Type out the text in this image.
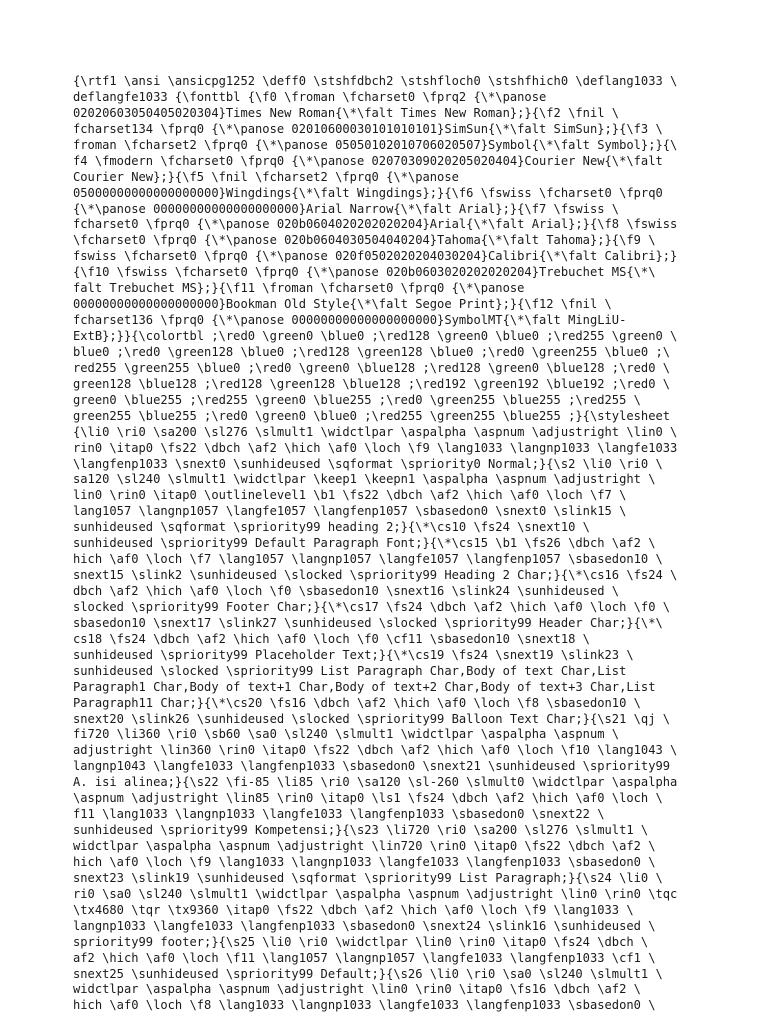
{\rtf1 \ansi \ansicpg1252 \deff0 \stshfdbch2 \stshfloch0 \stshfhich0 \deflang1033 \
deflangfe1033 {\fonttbl {\f0 \froman \fcharset0 \fprq2 {\*\panose
02020603050405020304}Times New Roman{\*\falt Times New Roman};}{\f2 \fnil \
fcharset134 \fprq0 {\*\panose 02010600030101010101}SimSun{\*\falt SimSun};}{\f3 \
froman \fcharset2 \fprq0 {\*\panose 05050102010706020507}Symbol{\*\falt Symbol};}{\
f4 \fmodern \fcharset0 \fprq0 {\*\panose 02070309020205020404}Courier New{\*\falt
Courier New};}{\f5 \fnil \fcharset2 \fprq0 {\*\panose
05000000000000000000}Wingdings{\*\falt Wingdings};}{\f6 \fswiss \fcharset0 \fprq0
{\*\panose 00000000000000000000}Arial Narrow{\*\falt Arial};}{\f7 \fswiss \
fcharset0 \fprq0 {\*\panose 020b0604020202020204}Arial{\*\falt Arial};}{\f8 \fswiss
\fcharset0 \fprq0 {\*\panose 020b0604030504040204}Tahoma{\*\falt Tahoma};}{\f9 \
fswiss \fcharset0 \fprq0 {\*\panose 020f0502020204030204}Calibri{\*\falt Calibri};}
{\f10 \fswiss \fcharset0 \fprq0 {\*\panose 020b0603020202020204}Trebuchet MS{\*\
falt Trebuchet MS};}{\f11 \froman \fcharset0 \fprq0 {\*\panose
00000000000000000000}Bookman Old Style{\*\falt Segoe Print};}{\f12 \fnil \
fcharset136 \fprq0 {\*\panose 00000000000000000000}SymbolMT{\*\falt MingLiU-
ExtB};}}{\colortbl ;\red0 \green0 \blue0 ;\red128 \green0 \blue0 ;\red255 \green0 \
blue0 ;\red0 \green128 \blue0 ;\red128 \green128 \blue0 ;\red0 \green255 \blue0 ;\
red255 \green255 \blue0 ;\red0 \green0 \blue128 ;\red128 \green0 \blue128 ;\red0 \
green128 \blue128 ;\red128 \green128 \blue128 ;\red192 \green192 \blue192 ;\red0 \
green0 \blue255 ;\red255 \green0 \blue255 ;\red0 \green255 \blue255 ;\red255 \
green255 \blue255 ;\red0 \green0 \blue0 ;\red255 \green255 \blue255 ;}{\stylesheet
{\li0 \ri0 \sa200 \sl276 \slmult1 \widctlpar \aspalpha \aspnum \adjustright \lin0 \
rin0 \itap0 \fs22 \dbch \af2 \hich \af0 \loch \f9 \lang1033 \langnp1033 \langfe1033
\langfenp1033 \snext0 \sunhideused \sqformat \spriority0 Normal;}{\s2 \li0 \ri0 \
sa120 \sl240 \slmult1 \widctlpar \keep1 \keepn1 \aspalpha \aspnum \adjustright \
lin0 \rin0 \itap0 \outlinelevel1 \b1 \fs22 \dbch \af2 \hich \af0 \loch \f7 \
lang1057 \langnp1057 \langfe1057 \langfenp1057 \sbasedon0 \snext0 \slink15 \
sunhideused \sqformat \spriority99 heading 2;}{\*\cs10 \fs24 \snext10 \
sunhideused \spriority99 Default Paragraph Font;}{\*\cs15 \b1 \fs26 \dbch \af2 \
hich \af0 \loch \f7 \lang1057 \langnp1057 \langfe1057 \langfenp1057 \sbasedon10 \
snext15 \slink2 \sunhideused \slocked \spriority99 Heading 2 Char;}{\*\cs16 \fs24 \
dbch \af2 \hich \af0 \loch \f0 \sbasedon10 \snext16 \slink24 \sunhideused \
slocked \spriority99 Footer Char;}{\*\cs17 \fs24 \dbch \af2 \hich \af0 \loch \f0 \
sbasedon10 \snext17 \slink27 \sunhideused \slocked \spriority99 Header Char;}{\*\
cs18 \fs24 \dbch \af2 \hich \af0 \loch \f0 \cf11 \sbasedon10 \snext18 \
sunhideused \spriority99 Placeholder Text;}{\*\cs19 \fs24 \snext19 \slink23 \
sunhideused \slocked \spriority99 List Paragraph Char,Body of text Char,List
Paragraph1 Char,Body of text+1 Char,Body of text+2 Char,Body of text+3 Char,List
Paragraph11 Char;}{\*\cs20 \fs16 \dbch \af2 \hich \af0 \loch \f8 \sbasedon10 \
snext20 \slink26 \sunhideused \slocked \spriority99 Balloon Text Char;}{\s21 \qj \
fi720 \li360 \ri0 \sb60 \sa0 \sl240 \slmult1 \widctlpar \aspalpha \aspnum \
adjustright \lin360 \rin0 \itap0 \fs22 \dbch \af2 \hich \af0 \loch \f10 \lang1043 \
langnp1043 \langfe1033 \langfenp1033 \sbasedon0 \snext21 \sunhideused \spriority99
A. isi alinea;}{\s22 \fi-85 \li85 \ri0 \sa120 \sl-260 \slmult0 \widctlpar \aspalpha
\aspnum \adjustright \lin85 \rin0 \itap0 \ls1 \fs24 \dbch \af2 \hich \af0 \loch \
f11 \lang1033 \langnp1033 \langfe1033 \langfenp1033 \sbasedon0 \snext22 \
sunhideused \spriority99 Kompetensi;}{\s23 \li720 \ri0 \sa200 \sl276 \slmult1 \
widctlpar \aspalpha \aspnum \adjustright \lin720 \rin0 \itap0 \fs22 \dbch \af2 \
hich \af0 \loch \f9 \lang1033 \langnp1033 \langfe1033 \langfenp1033 \sbasedon0 \
snext23 \slink19 \sunhideused \sqformat \spriority99 List Paragraph;}{\s24 \li0 \
ri0 \sa0 \sl240 \slmult1 \widctlpar \aspalpha \aspnum \adjustright \lin0 \rin0 \tqc
\tx4680 \tqr \tx9360 \itap0 \fs22 \dbch \af2 \hich \af0 \loch \f9 \lang1033 \
langnp1033 \langfe1033 \langfenp1033 \sbasedon0 \snext24 \slink16 \sunhideused \
spriority99 footer;}{\s25 \li0 \ri0 \widctlpar \lin0 \rin0 \itap0 \fs24 \dbch \
af2 \hich \af0 \loch \f11 \lang1057 \langnp1057 \langfe1033 \langfenp1033 \cf1 \
snext25 \sunhideused \spriority99 Default;}{\s26 \li0 \ri0 \sa0 \sl240 \slmult1 \
widctlpar \aspalpha \aspnum \adjustright \lin0 \rin0 \itap0 \fs16 \dbch \af2 \
hich \af0 \loch \f8 \lang1033 \langnp1033 \langfe1033 \langfenp1033 \sbasedon0 \
